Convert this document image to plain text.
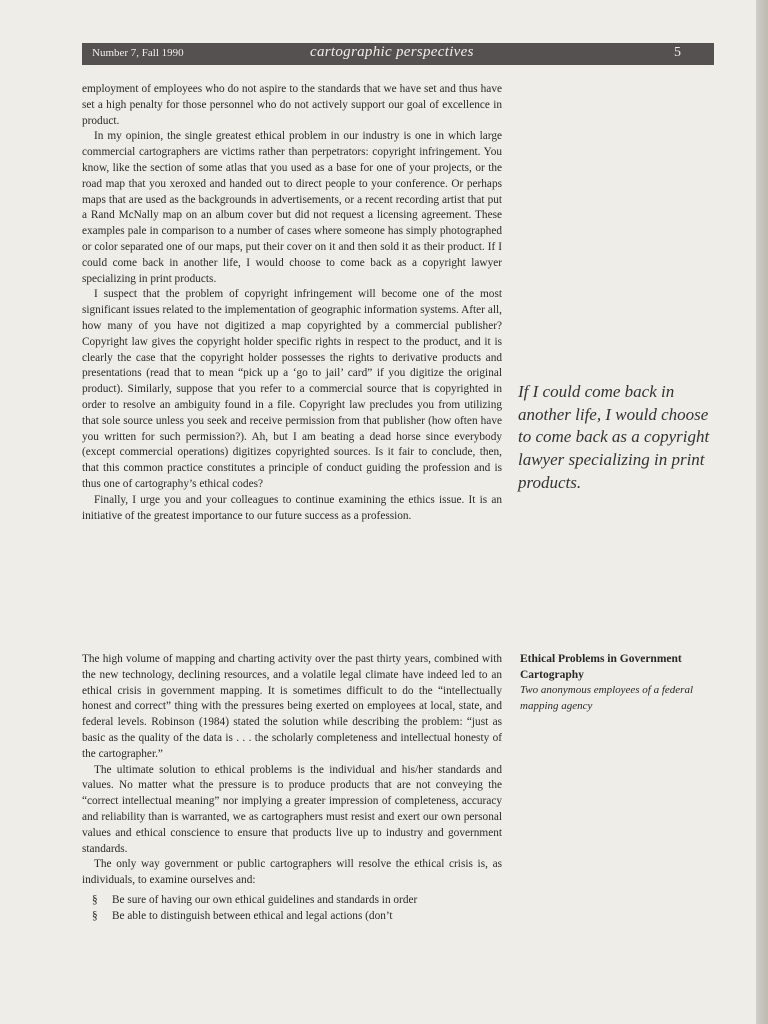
Number 7, Fall 1990	cartographic perspectives	5

employment of employees who do not aspire to the standards that we have set and thus have set a high penalty for those personnel who do not actively support our goal of excellence in product.

In my opinion, the single greatest ethical problem in our industry is one in which large commercial cartographers are victims rather than perpetrators: copyright infringement. You know, like the section of some atlas that you used as a base for one of your projects, or the road map that you xeroxed and handed out to direct people to your conference. Or perhaps maps that are used as the backgrounds in advertisements, or a recent recording artist that put a Rand McNally map on an album cover but did not request a licensing agreement. These examples pale in comparison to a number of cases where someone has simply photographed or color separated one of our maps, put their cover on it and then sold it as their product. If I could come back in another life, I would choose to come back as a copyright lawyer specializing in print products.

I suspect that the problem of copyright infringement will become one of the most significant issues related to the implementation of geographic information systems. After all, how many of you have not digitized a map copyrighted by a commercial publisher? Copyright law gives the copyright holder specific rights in respect to the product, and it is clearly the case that the copyright holder possesses the rights to derivative products and presentations (read that to mean “pick up a ‘go to jail’ card” if you digitize the original product). Similarly, suppose that you refer to a commercial source that is copyrighted in order to resolve an ambiguity found in a file. Copyright law precludes you from utilizing that sole source unless you seek and receive permission from that publisher (how often have you written for such permission?). Ah, but I am beating a dead horse since everybody (except commercial operations) digitizes copyrighted sources. Is it fair to conclude, then, that this common practice constitutes a principle of conduct guiding the profession and is thus one of cartography’s ethical codes?

Finally, I urge you and your colleagues to continue examining the ethics issue. It is an initiative of the greatest importance to our future success as a profession.

If I could come back in another life, I would choose to come back as a copyright lawyer specializing in print products.
Ethical Problems in Government Cartography
Two anonymous employees of a federal mapping agency

The high volume of mapping and charting activity over the past thirty years, combined with the new technology, declining resources, and a volatile legal climate have indeed led to an ethical crisis in government mapping. It is sometimes difficult to do the “intellectually honest and correct” thing with the pressures being exerted on employees at local, state, and federal levels. Robinson (1984) stated the solution while describing the problem: “just as basic as the quality of the data is . . . the scholarly completeness and intellectual honesty of the cartographer.”

The ultimate solution to ethical problems is the individual and his/her standards and values. No matter what the pressure is to produce products that are not conveying the “correct intellectual meaning” nor implying a greater impression of completeness, accuracy and reliability than is warranted, we as cartographers must resist and exert our own personal values and ethical conscience to ensure that products live up to industry and government standards.

The only way government or public cartographers will resolve the ethical crisis is, as individuals, to examine ourselves and:

§ Be sure of having our own ethical guidelines and standards in order
§ Be able to distinguish between ethical and legal actions (don’t
